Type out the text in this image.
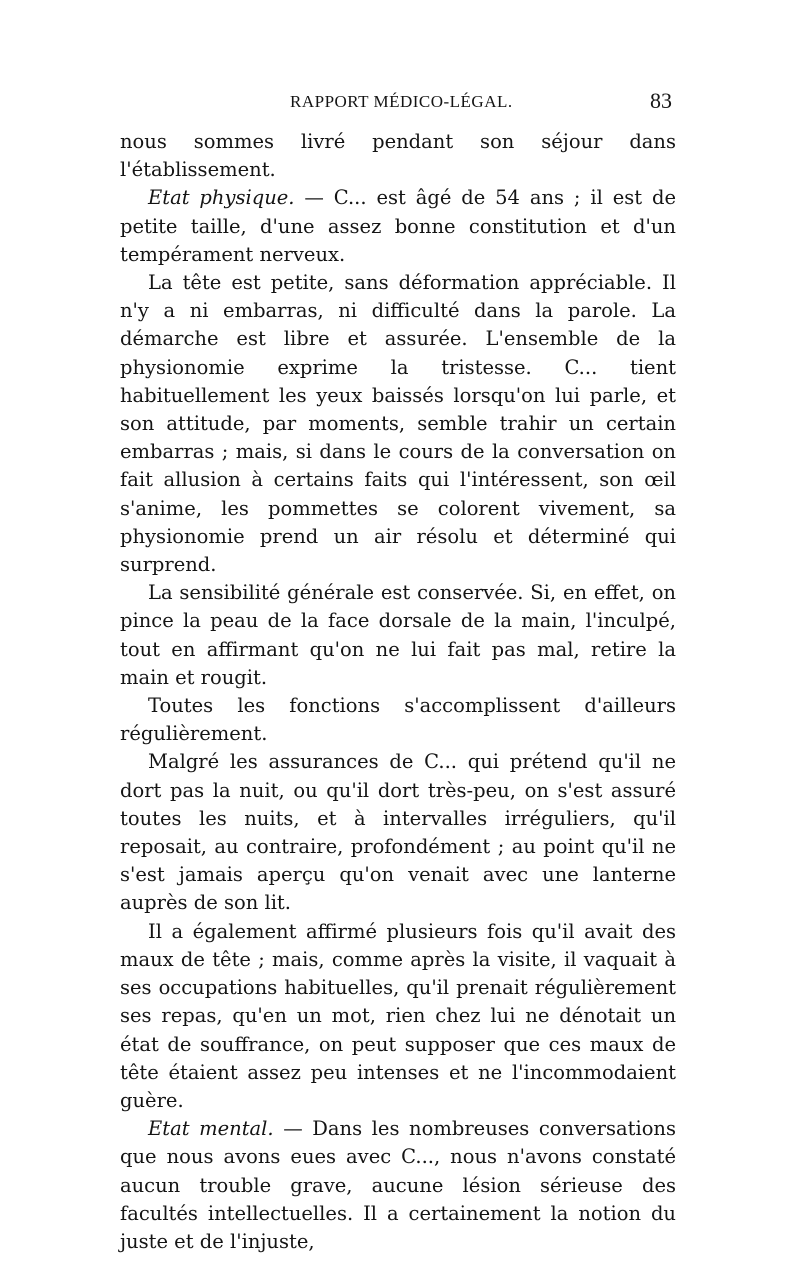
RAPPORT MÉDICO-LÉGAL.	83

nous sommes livré pendant son séjour dans l'établissement.

Etat physique. — C... est âgé de 54 ans ; il est de petite taille, d'une assez bonne constitution et d'un tempérament nerveux.

La tête est petite, sans déformation appréciable. Il n'y a ni embarras, ni difficulté dans la parole. La démarche est libre et assurée. L'ensemble de la physionomie exprime la tristesse. C... tient habituellement les yeux baissés lorsqu'on lui parle, et son attitude, par moments, semble trahir un certain embarras ; mais, si dans le cours de la conversation on fait allusion à certains faits qui l'intéressent, son œil s'anime, les pommettes se colorent vivement, sa physionomie prend un air résolu et déterminé qui surprend.

La sensibilité générale est conservée. Si, en effet, on pince la peau de la face dorsale de la main, l'inculpé, tout en affirmant qu'on ne lui fait pas mal, retire la main et rougit.

Toutes les fonctions s'accomplissent d'ailleurs régulièrement.

Malgré les assurances de C... qui prétend qu'il ne dort pas la nuit, ou qu'il dort très-peu, on s'est assuré toutes les nuits, et à intervalles irréguliers, qu'il reposait, au contraire, profondément ; au point qu'il ne s'est jamais aperçu qu'on venait avec une lanterne auprès de son lit.

Il a également affirmé plusieurs fois qu'il avait des maux de tête ; mais, comme après la visite, il vaquait à ses occupations habituelles, qu'il prenait régulièrement ses repas, qu'en un mot, rien chez lui ne dénotait un état de souffrance, on peut supposer que ces maux de tête étaient assez peu intenses et ne l'incommodaient guère.

Etat mental. — Dans les nombreuses conversations que nous avons eues avec C..., nous n'avons constaté aucun trouble grave, aucune lésion sérieuse des facultés intellectuelles. Il a certainement la notion du juste et de l'injuste,
